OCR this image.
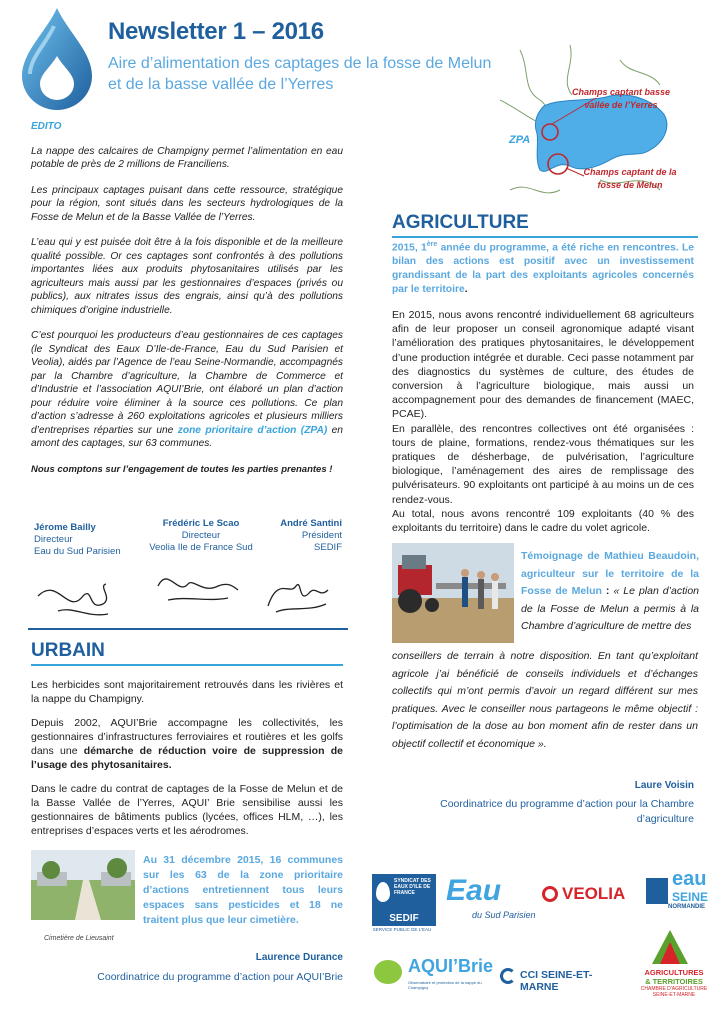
Newsletter 1 – 2016
Aire d’alimentation des captages de la fosse de Melun et de la basse vallée de l’Yerres	Champs captant basse vallée de l’Yerres
Champs captant de la fosse de Melun
ZPA
EDITO

La nappe des calcaires de Champigny permet l’alimentation en eau potable de près de 2 millions de Franciliens.

Les principaux captages puisant dans cette ressource, stratégique pour la région, sont situés dans les secteurs hydrologiques de la Fosse de Melun et de la Basse Vallée de l’Yerres.

L’eau qui y est puisée doit être à la fois disponible et de la meilleure qualité possible. Or ces captages sont confrontés à des pollutions importantes liées aux produits phytosanitaires utilisés par les agriculteurs mais aussi par les gestionnaires d’espaces (privés ou publics), aux nitrates issus des engrais, ainsi qu’à des pollutions chimiques d’origine industrielle.

C’est pourquoi les producteurs d’eau gestionnaires de ces captages (le Syndicat des Eaux D’Ile-de-France, Eau du Sud Parisien et Veolia), aidés par l’Agence de l’eau Seine-Normandie, accompagnés par la Chambre d’agriculture, la Chambre de Commerce et d’Industrie et l’association AQUI’Brie, ont élaboré un plan d’action pour réduire voire éliminer à la source ces pollutions. Ce plan d’action s’adresse à 260 exploitations agricoles et plusieurs milliers d’entreprises réparties sur une zone prioritaire d’action (ZPA) en amont des captages, sur 63 communes.

Nous comptons sur l’engagement de toutes les parties prenantes !

Jérome Bailly
Directeur
Eau du Sud Parisien
Frédéric Le Scao
Directeur
Veolia Ile de France Sud
André Santini
Président
SEDIF
URBAIN

Les herbicides sont majoritairement retrouvés dans les rivières et la nappe du Champigny.

Depuis 2002, AQUI’Brie accompagne les collectivités, les gestionnaires d’infrastructures ferroviaires et routières et les golfs dans une démarche de réduction voire de suppression de l’usage des phytosanitaires.

Dans le cadre du contrat de captages de la Fosse de Melun et de la Basse Vallée de l’Yerres, AQUI’ Brie sensibilise aussi les gestionnaires de bâtiments publics (lycées, offices HLM, …), les entreprises d’espaces verts et les aérodromes.

Cimetière de Lieusaint
Au 31 décembre 2015, 16 communes sur les 63 de la zone prioritaire d’actions entretiennent tous leurs espaces sans pesticides et 18 ne traitent plus que leur cimetière.
Laurence Durance
Coordinatrice du programme d’action pour AQUI’Brie
AGRICULTURE
2015, 1ère année du programme, a été riche en rencontres. Le bilan des actions est positif avec un investissement grandissant de la part des exploitants agricoles concernés par le territoire.

En 2015, nous avons rencontré individuellement 68 agriculteurs afin de leur proposer un conseil agronomique adapté visant l’amélioration des pratiques phytosanitaires, le développement d’une production intégrée et durable. Ceci passe notamment par des diagnostics du systèmes de culture, des études de conversion à l’agriculture biologique, mais aussi un accompagnement pour des demandes de financement (MAEC, PCAE).

En parallèle, des rencontres collectives ont été organisées : tours de plaine, formations, rendez-vous thématiques sur les pratiques de désherbage, de pulvérisation, l’agriculture biologique, l’aménagement des aires de remplissage des pulvérisateurs. 90 exploitants ont participé à au moins un de ces rendez-vous.

Au total, nous avons rencontré 109 exploitants (40 % des exploitants du territoire) dans le cadre du volet agricole.

Témoignage de Mathieu Beaudoin, agriculteur sur le territoire de la Fosse de Melun : « Le plan d’action de la Fosse de Melun a permis à la Chambre d’agriculture de mettre des
conseillers de terrain à notre disposition. En tant qu’exploitant agricole j’ai bénéficié de conseils individuels et d’échanges collectifs qui m’ont permis d’avoir un regard différent sur mes pratiques. Avec le conseiller nous partageons le même objectif : l’optimisation de la dose au bon moment afin de rester dans un objectif collectif et économique ».
Laure Voisin
Coordinatrice du programme d’action pour la Chambre d’agriculture
SYNDICAT DES EAUX D'ILE DE FRANCE
SEDIF
SERVICE PUBLIC DE L'EAU
Eau
du Sud Parisien
VEOLIA
eau
SEINE
NORMANDIE
AQUI’Brie
Observatoire et protection de la nappe du Champigny
CCI SEINE-ET-MARNE
AGRICULTURES
& TERRITOIRES
CHAMBRE D'AGRICULTURE
SEINE-ET-MARNE
